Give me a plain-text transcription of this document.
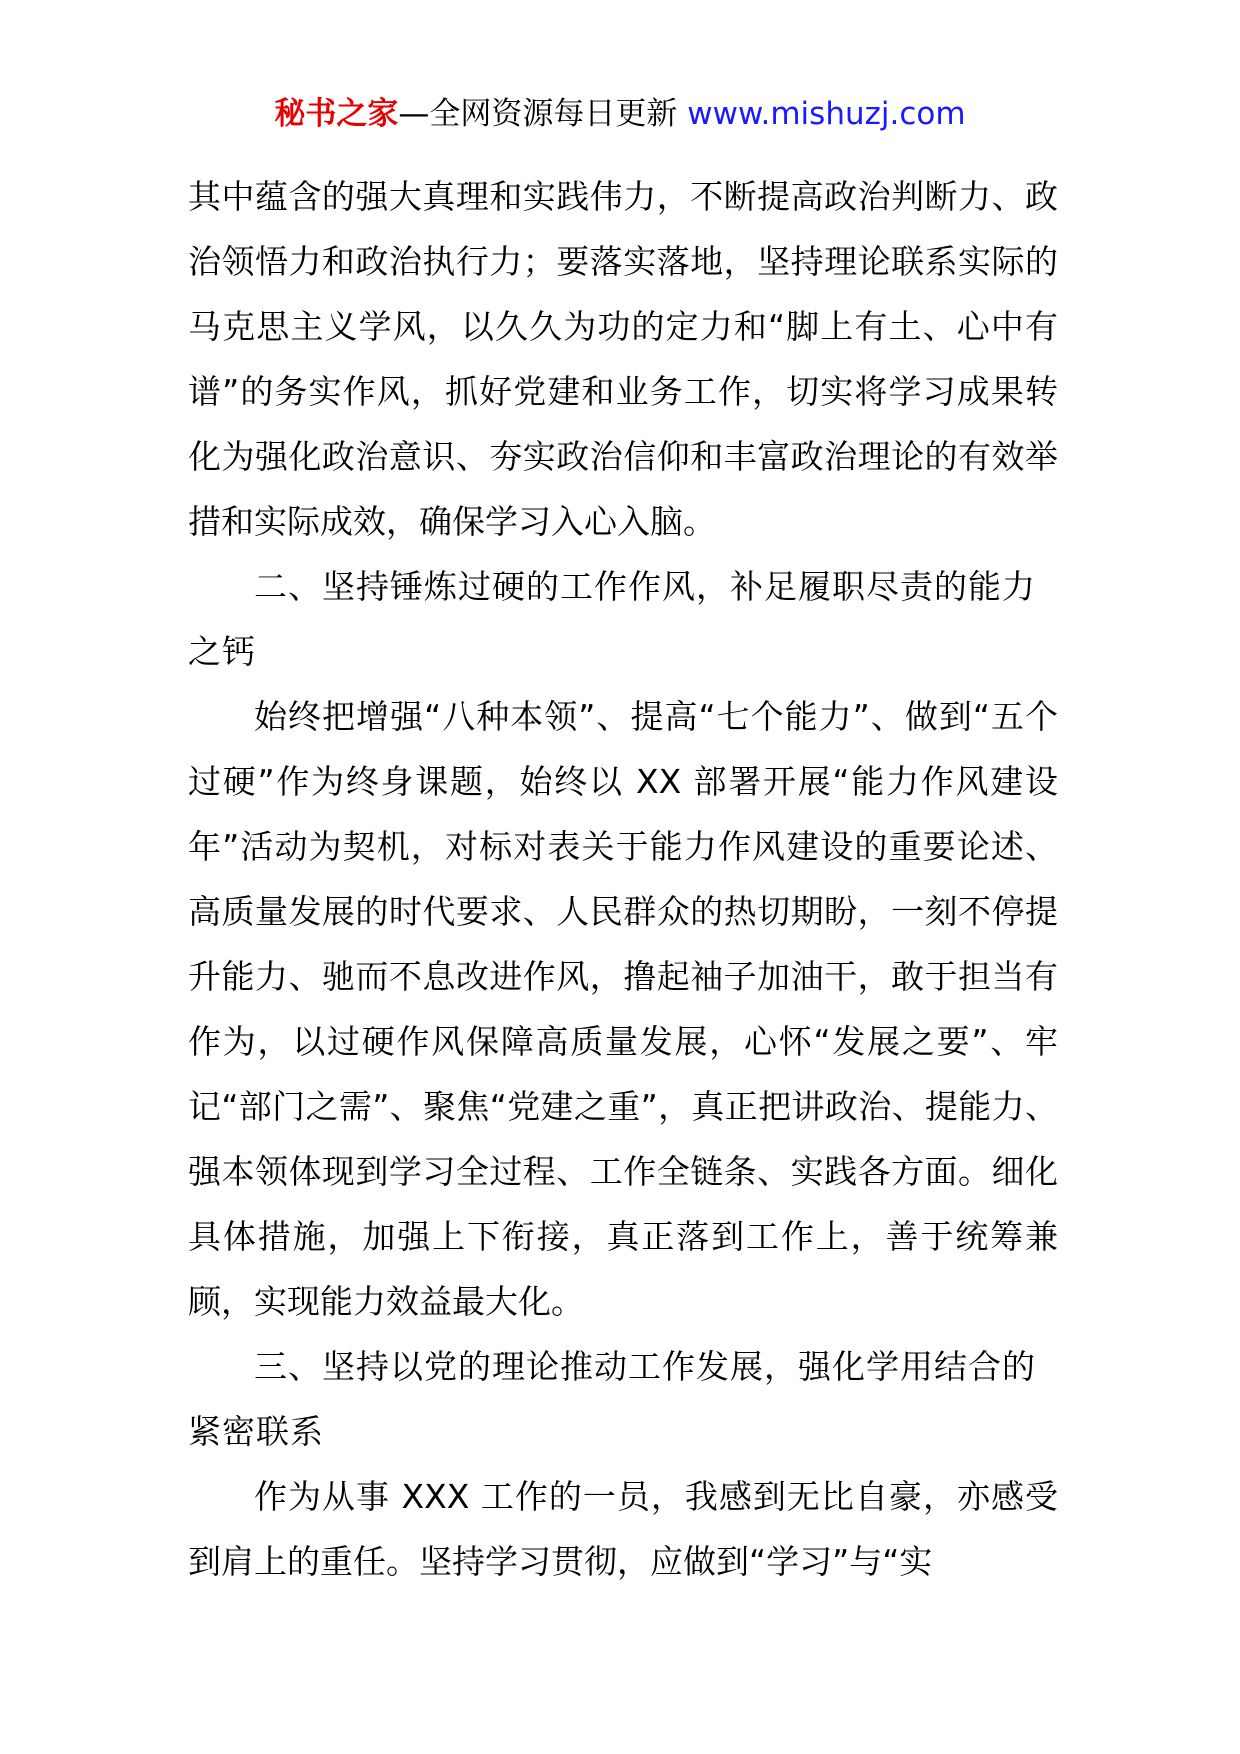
秘书之家—全网资源每日更新 www.mishuzj.com

其中蕴含的强大真理和实践伟力，不断提高政治判断力、政治领悟力和政治执行力；要落实落地，坚持理论联系实际的马克思主义学风，以久久为功的定力和“脚上有土、心中有谱”的务实作风，抓好党建和业务工作，切实将学习成果转化为强化政治意识、夯实政治信仰和丰富政治理论的有效举措和实际成效，确保学习入心入脑。

二、坚持锤炼过硬的工作作风，补足履职尽责的能力之钙

始终把增强“八种本领”、提高“七个能力”、做到“五个过硬”作为终身课题，始终以 XX 部署开展“能力作风建设年”活动为契机，对标对表关于能力作风建设的重要论述、高质量发展的时代要求、人民群众的热切期盼，一刻不停提升能力、驰而不息改进作风，撸起袖子加油干，敢于担当有作为，以过硬作风保障高质量发展，心怀“发展之要”、牢记“部门之需”、聚焦“党建之重”，真正把讲政治、提能力、强本领体现到学习全过程、工作全链条、实践各方面。细化具体措施，加强上下衔接，真正落到工作上，善于统筹兼顾，实现能力效益最大化。

三、坚持以党的理论推动工作发展，强化学用结合的紧密联系

作为从事 XXX 工作的一员，我感到无比自豪，亦感受到肩上的重任。坚持学习贯彻，应做到“学习”与“实
